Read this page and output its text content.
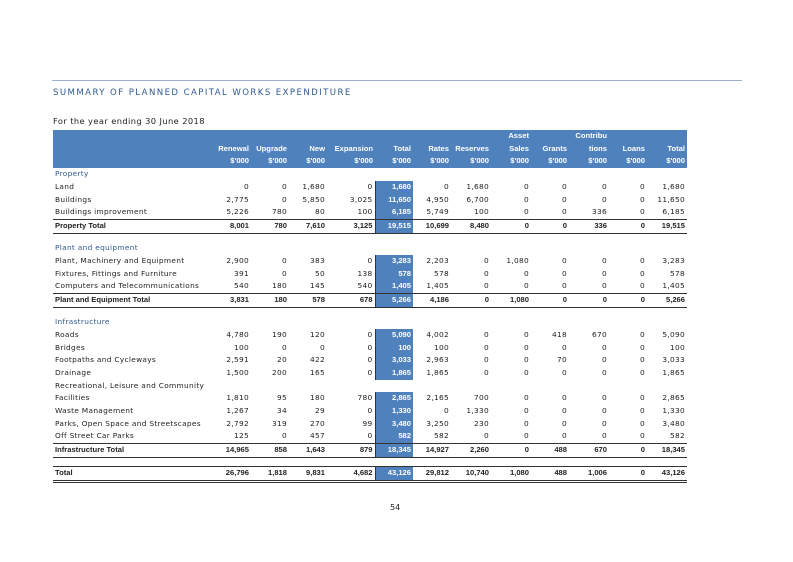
SUMMARY OF PLANNED CAPITAL WORKS EXPENDITURE
For the year ending 30 June 2018
								Asset		Contribu		
	Renewal	Upgrade	New	Expansion	Total	Rates	Reserves	Sales	Grants	tions	Loans	Total
	$'000	$'000	$'000	$'000	$'000	$'000	$'000	$'000	$'000	$'000	$'000	$'000
Property												
Land	0	0	1,680	0	1,680	0	1,680	0	0	0	0	1,680
Buildings	2,775	0	5,850	3,025	11,650	4,950	6,700	0	0	0	0	11,650
Buildings improvement	5,226	780	80	100	6,185	5,749	100	0	0	336	0	6,185
Property Total	8,001	780	7,610	3,125	19,515	10,699	8,480	0	0	336	0	19,515

Plant and equipment												
Plant, Machinery and Equipment	2,900	0	383	0	3,283	2,203	0	1,080	0	0	0	3,283
Fixtures, Fittings and Furniture	391	0	50	138	578	578	0	0	0	0	0	578
Computers and Telecommunications	540	180	145	540	1,405	1,405	0	0	0	0	0	1,405
Plant and Equipment Total	3,831	180	578	678	5,266	4,186	0	1,080	0	0	0	5,266

Infrastructure												
Roads	4,780	190	120	0	5,090	4,002	0	0	418	670	0	5,090
Bridges	100	0	0	0	100	100	0	0	0	0	0	100
Footpaths and Cycleways	2,591	20	422	0	3,033	2,963	0	0	70	0	0	3,033
Drainage	1,500	200	165	0	1,865	1,865	0	0	0	0	0	1,865
Recreational, Leisure and Community												
Facilities	1,810	95	180	780	2,865	2,165	700	0	0	0	0	2,865
Waste Management	1,267	34	29	0	1,330	0	1,330	0	0	0	0	1,330
Parks, Open Space and Streetscapes	2,792	319	270	99	3,480	3,250	230	0	0	0	0	3,480
Off Street Car Parks	125	0	457	0	582	582	0	0	0	0	0	582
Infrastructure Total	14,965	858	1,643	879	18,345	14,927	2,260	0	488	670	0	18,345

Total	26,796	1,818	9,831	4,682	43,126	29,812	10,740	1,080	488	1,006	0	43,126
54
